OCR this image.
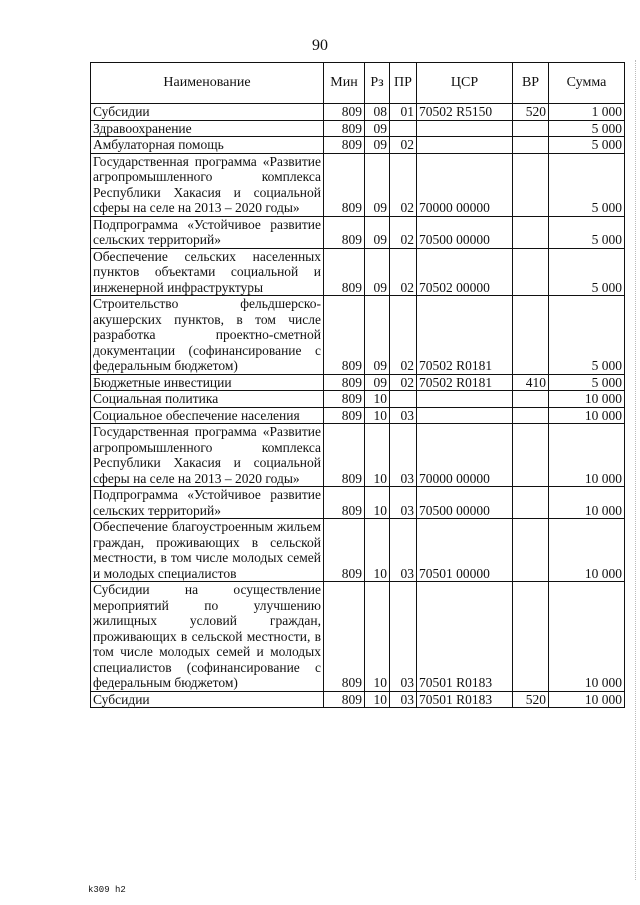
90
Наименование	Мин	Рз	ПР	ЦСР	ВР	Сумма
Субсидии	809	08	01	70502 R5150	520	1 000
Здравоохранение	809	09				5 000
Амбулаторная помощь	809	09	02			5 000
Государственная программа «Развитие агропромышленного комплекса Республики Хакасия и социальной сферы на селе на 2013 – 2020 годы»	809	09	02	70000 00000		5 000
Подпрограмма «Устойчивое развитие сельских территорий»	809	09	02	70500 00000		5 000
Обеспечение сельских населенных пунктов объектами социальной и инженерной инфраструктуры	809	09	02	70502 00000		5 000
Строительство фельдшерско-акушерских пунктов, в том числе разработка проектно-сметной документации (софинансирование с федеральным бюджетом)	809	09	02	70502 R0181		5 000
Бюджетные инвестиции	809	09	02	70502 R0181	410	5 000
Социальная политика	809	10				10 000
Социальное обеспечение населения	809	10	03			10 000
Государственная программа «Развитие агропромышленного комплекса Республики Хакасия и социальной сферы на селе на 2013 – 2020 годы»	809	10	03	70000 00000		10 000
Подпрограмма «Устойчивое развитие сельских территорий»	809	10	03	70500 00000		10 000
Обеспечение благоустроенным жильем граждан, проживающих в сельской местности, в том числе молодых семей и молодых специалистов	809	10	03	70501 00000		10 000
Субсидии на осуществление мероприятий по улучшению жилищных условий граждан, проживающих в сельской местности, в том числе молодых семей и молодых специалистов (софинансирование с федеральным бюджетом)	809	10	03	70501 R0183		10 000
Субсидии	809	10	03	70501 R0183	520	10 000
k309 h2
